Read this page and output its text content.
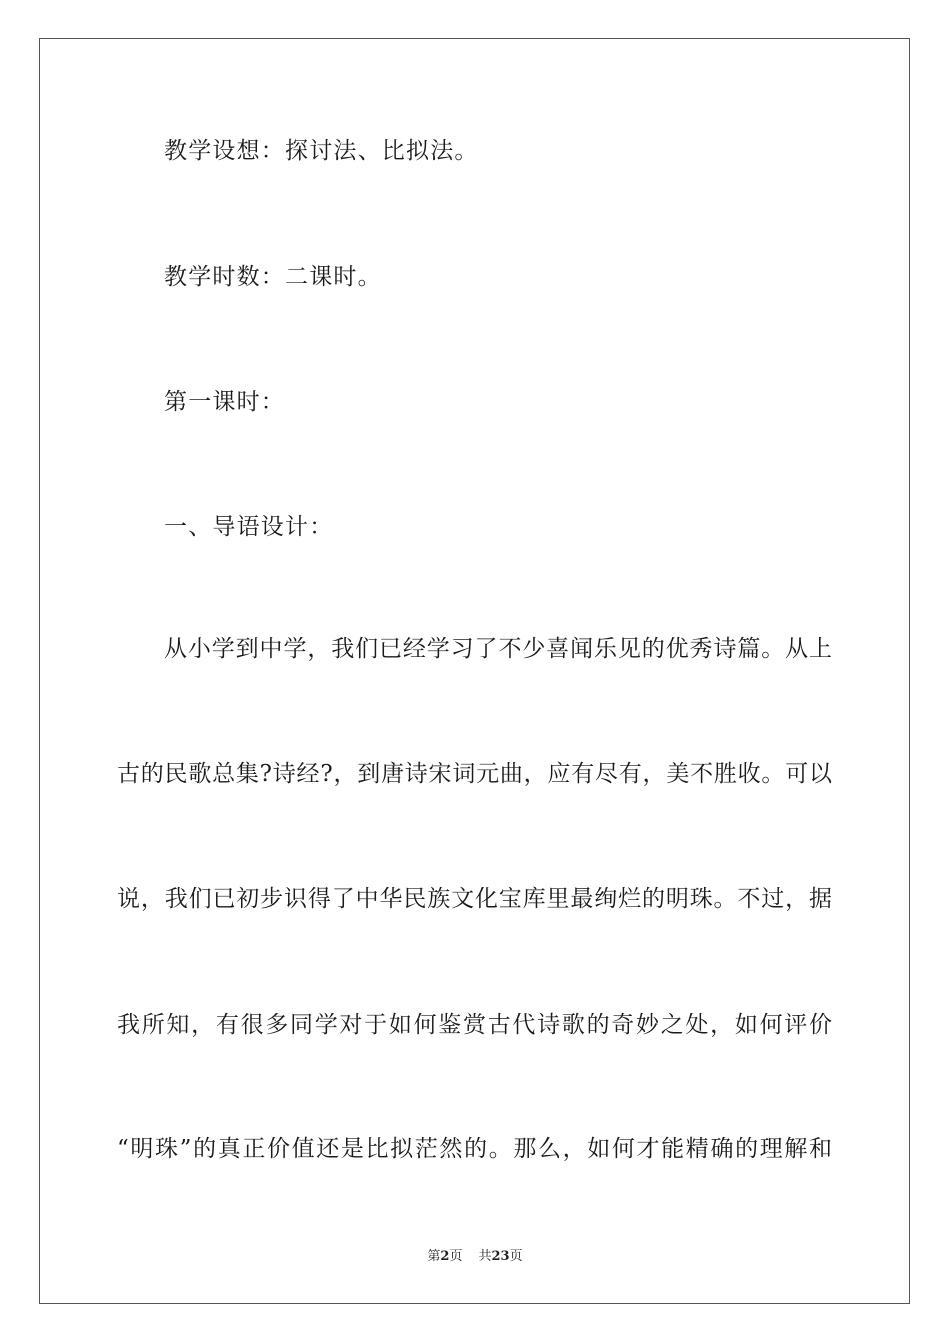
教学设想：探讨法、比拟法。
教学时数：二课时。
第一课时：
一、导语设计：
从小学到中学，我们已经学习了不少喜闻乐见的优秀诗篇。从上
古的民歌总集?诗经?，到唐诗宋词元曲，应有尽有，美不胜收。可以
说，我们已初步识得了中华民族文化宝库里最绚烂的明珠。不过，据
我所知，有很多同学对于如何鉴赏古代诗歌的奇妙之处，如何评价
“明珠”的真正价值还是比拟茫然的。那么，如何才能精确的理解和
第2页 共23页
